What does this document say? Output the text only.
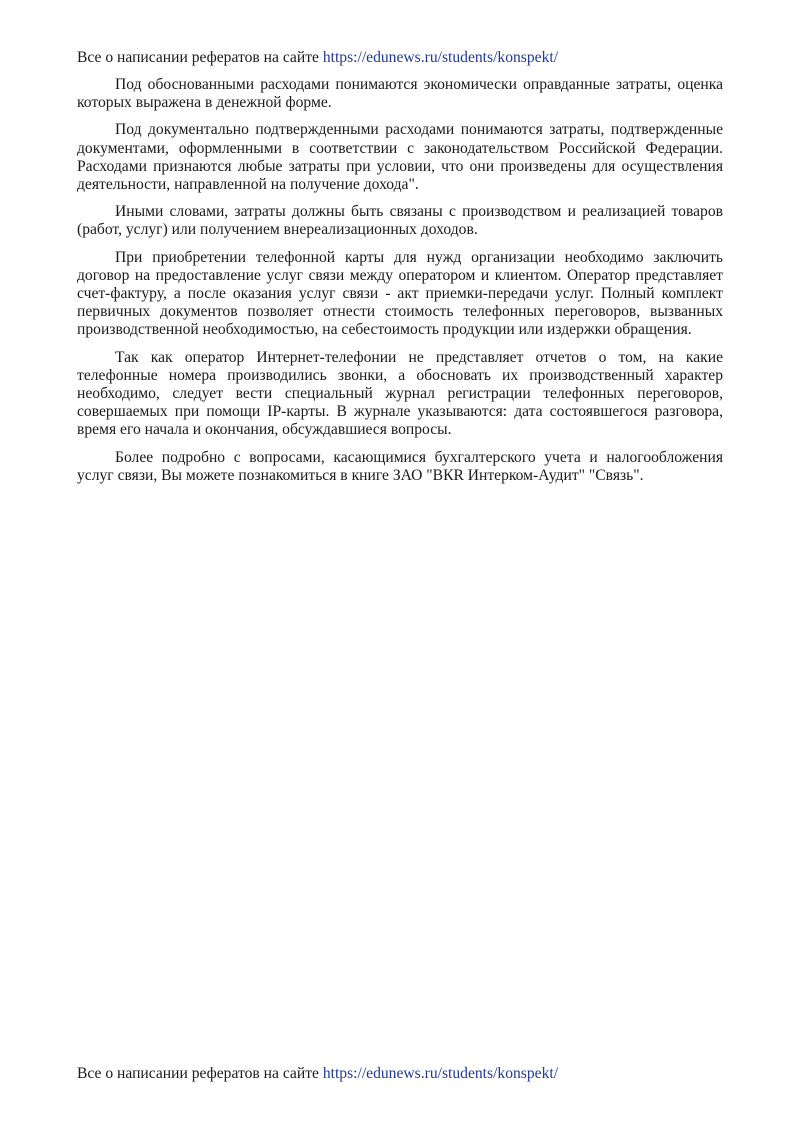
Все о написании рефератов на сайте https://edunews.ru/students/konspekt/

Под обоснованными расходами понимаются экономически оправданные затраты, оценка которых выражена в денежной форме.

Под документально подтвержденными расходами понимаются затраты, подтвержденные документами, оформленными в соответствии с законодательством Российской Федерации. Расходами признаются любые затраты при условии, что они произведены для осуществления деятельности, направленной на получение дохода".

Иными словами, затраты должны быть связаны с производством и реализацией товаров (работ, услуг) или получением внереализационных доходов.

При приобретении телефонной карты для нужд организации необходимо заключить договор на предоставление услуг связи между оператором и клиентом. Оператор представляет счет-фактуру, а после оказания услуг связи - акт приемки-передачи услуг. Полный комплект первичных документов позволяет отнести стоимость телефонных переговоров, вызванных производственной необходимостью, на себестоимость продукции или издержки обращения.

Так как оператор Интернет-телефонии не представляет отчетов о том, на какие телефонные номера производились звонки, а обосновать их производственный характер необходимо, следует вести специальный журнал регистрации телефонных переговоров, совершаемых при помощи IP-карты. В журнале указываются: дата состоявшегося разговора, время его начала и окончания, обсуждавшиеся вопросы.

Более подробно с вопросами, касающимися бухгалтерского учета и налогообложения услуг связи, Вы можете познакомиться в книге ЗАО "ВКR Интерком-Аудит" "Связь".

Все о написании рефератов на сайте https://edunews.ru/students/konspekt/
